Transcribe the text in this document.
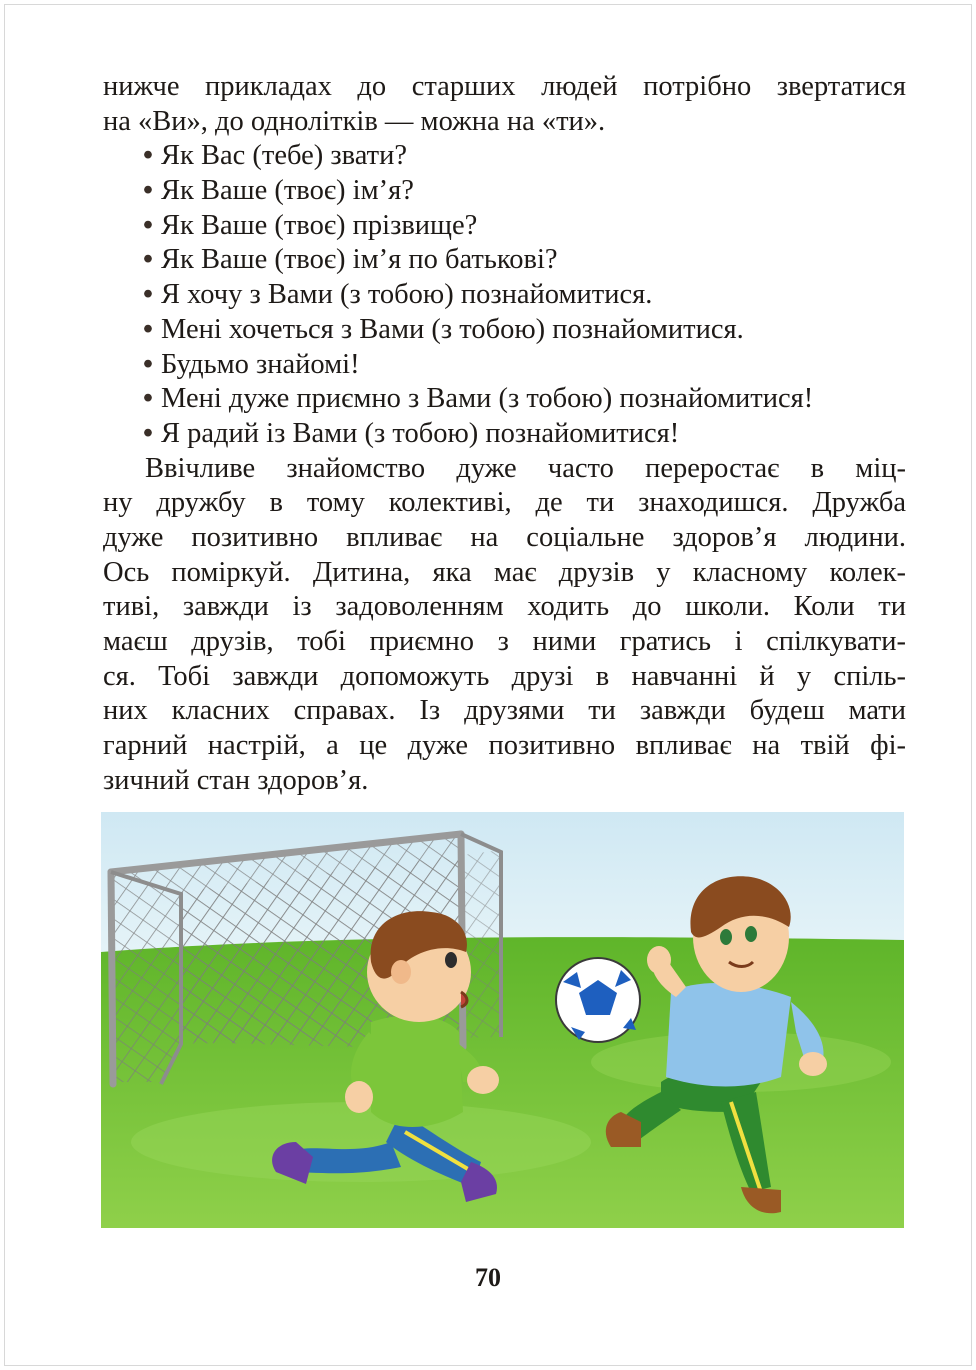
нижче прикладах до старших людей потрібно звертатися
на «Ви», до однолітків — можна на «ти».
• Як Вас (тебе) звати?
• Як Ваше (твоє) ім’я?
• Як Ваше (твоє) прізвище?
• Як Ваше (твоє) ім’я по батькові?
• Я хочу з Вами (з тобою) познайомитися.
• Мені хочеться з Вами (з тобою) познайомитися.
• Будьмо знайомі!
• Мені дуже приємно з Вами (з тобою) познайомитися!
• Я радий із Вами (з тобою) познайомитися!
Ввічливе знайомство дуже часто переростає в міц-
ну дружбу в тому колективі, де ти знаходишся. Дружба
дуже позитивно впливає на соціальне здоров’я людини.
Ось поміркуй. Дитина, яка має друзів у класному колек-
тиві, завжди із задоволенням ходить до школи. Коли ти
маєш друзів, тобі приємно з ними гратись і спілкувати-
ся. Тобі завжди допоможуть друзі в навчанні й у спіль-
них класних справах. Із друзями ти завжди будеш мати
гарний настрій, а це дуже позитивно впливає на твій фі-
зичний стан здоров’я.
70
